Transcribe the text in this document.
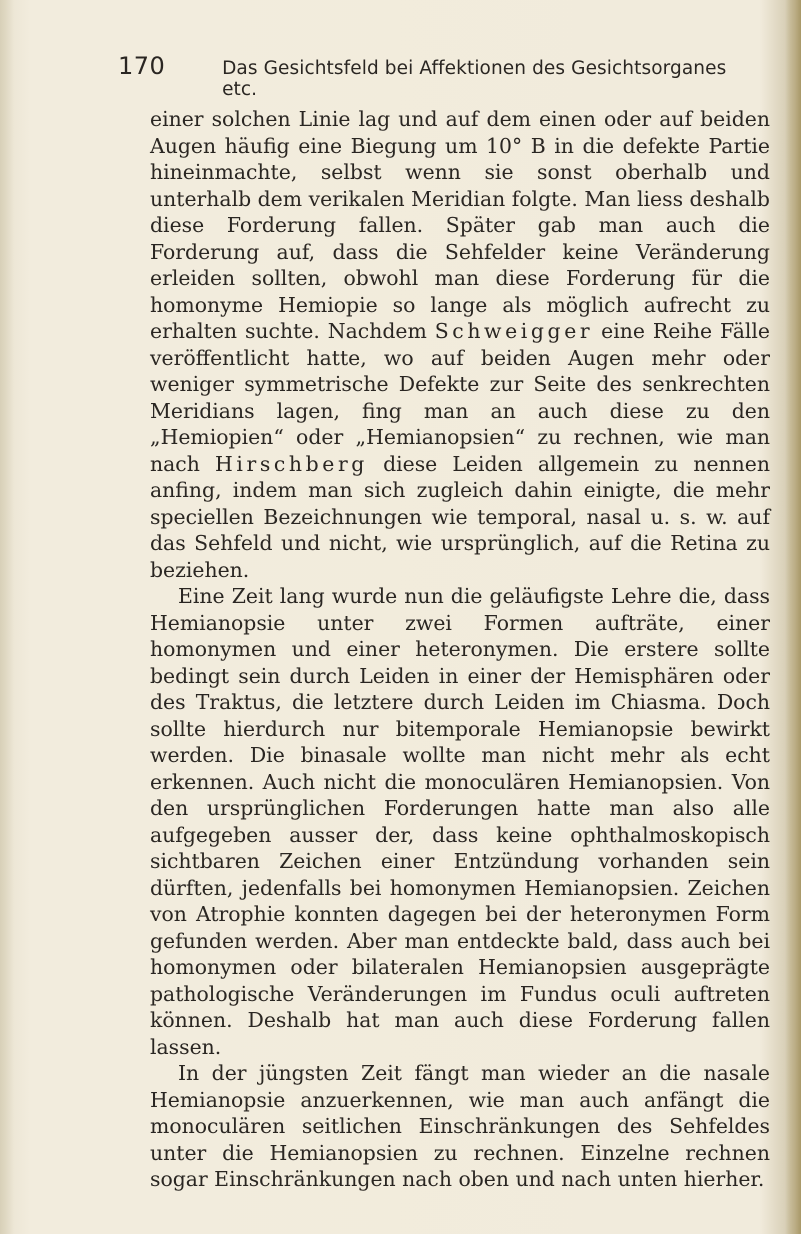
170	Das Gesichtsfeld bei Affektionen des Gesichtsorganes etc.

einer solchen Linie lag und auf dem einen oder auf beiden Augen häufig eine Biegung um 10° B in die defekte Partie hineinmachte, selbst wenn sie sonst oberhalb und unterhalb dem verikalen Meridian folgte. Man liess deshalb diese Forderung fallen. Später gab man auch die Forderung auf, dass die Sehfelder keine Veränderung erleiden sollten, obwohl man diese Forderung für die homonyme Hemiopie so lange als möglich aufrecht zu erhalten suchte. Nachdem Schweigger eine Reihe Fälle veröffentlicht hatte, wo auf beiden Augen mehr oder weniger symmetrische Defekte zur Seite des senkrechten Meridians lagen, fing man an auch diese zu den „Hemiopien“ oder „Hemianopsien“ zu rechnen, wie man nach Hirschberg diese Leiden allgemein zu nennen anfing, indem man sich zugleich dahin einigte, die mehr speciellen Bezeichnungen wie temporal, nasal u. s. w. auf das Sehfeld und nicht, wie ursprünglich, auf die Retina zu beziehen.

Eine Zeit lang wurde nun die geläufigste Lehre die, dass Hemianopsie unter zwei Formen aufträte, einer homonymen und einer heteronymen. Die erstere sollte bedingt sein durch Leiden in einer der Hemisphären oder des Traktus, die letztere durch Leiden im Chiasma. Doch sollte hierdurch nur bitemporale Hemianopsie bewirkt werden. Die binasale wollte man nicht mehr als echt erkennen. Auch nicht die monoculären Hemianopsien. Von den ursprünglichen Forderungen hatte man also alle aufgegeben ausser der, dass keine ophthalmoskopisch sichtbaren Zeichen einer Entzündung vorhanden sein dürften, jedenfalls bei homonymen Hemianopsien. Zeichen von Atrophie konnten dagegen bei der heteronymen Form gefunden werden. Aber man entdeckte bald, dass auch bei homonymen oder bilateralen Hemianopsien ausgeprägte pathologische Veränderungen im Fundus oculi auftreten können. Deshalb hat man auch diese Forderung fallen lassen.

In der jüngsten Zeit fängt man wieder an die nasale Hemianopsie anzuerkennen, wie man auch anfängt die monoculären seitlichen Einschränkungen des Sehfeldes unter die Hemianopsien zu rechnen. Einzelne rechnen sogar Einschränkungen nach oben und nach unten hierher.
